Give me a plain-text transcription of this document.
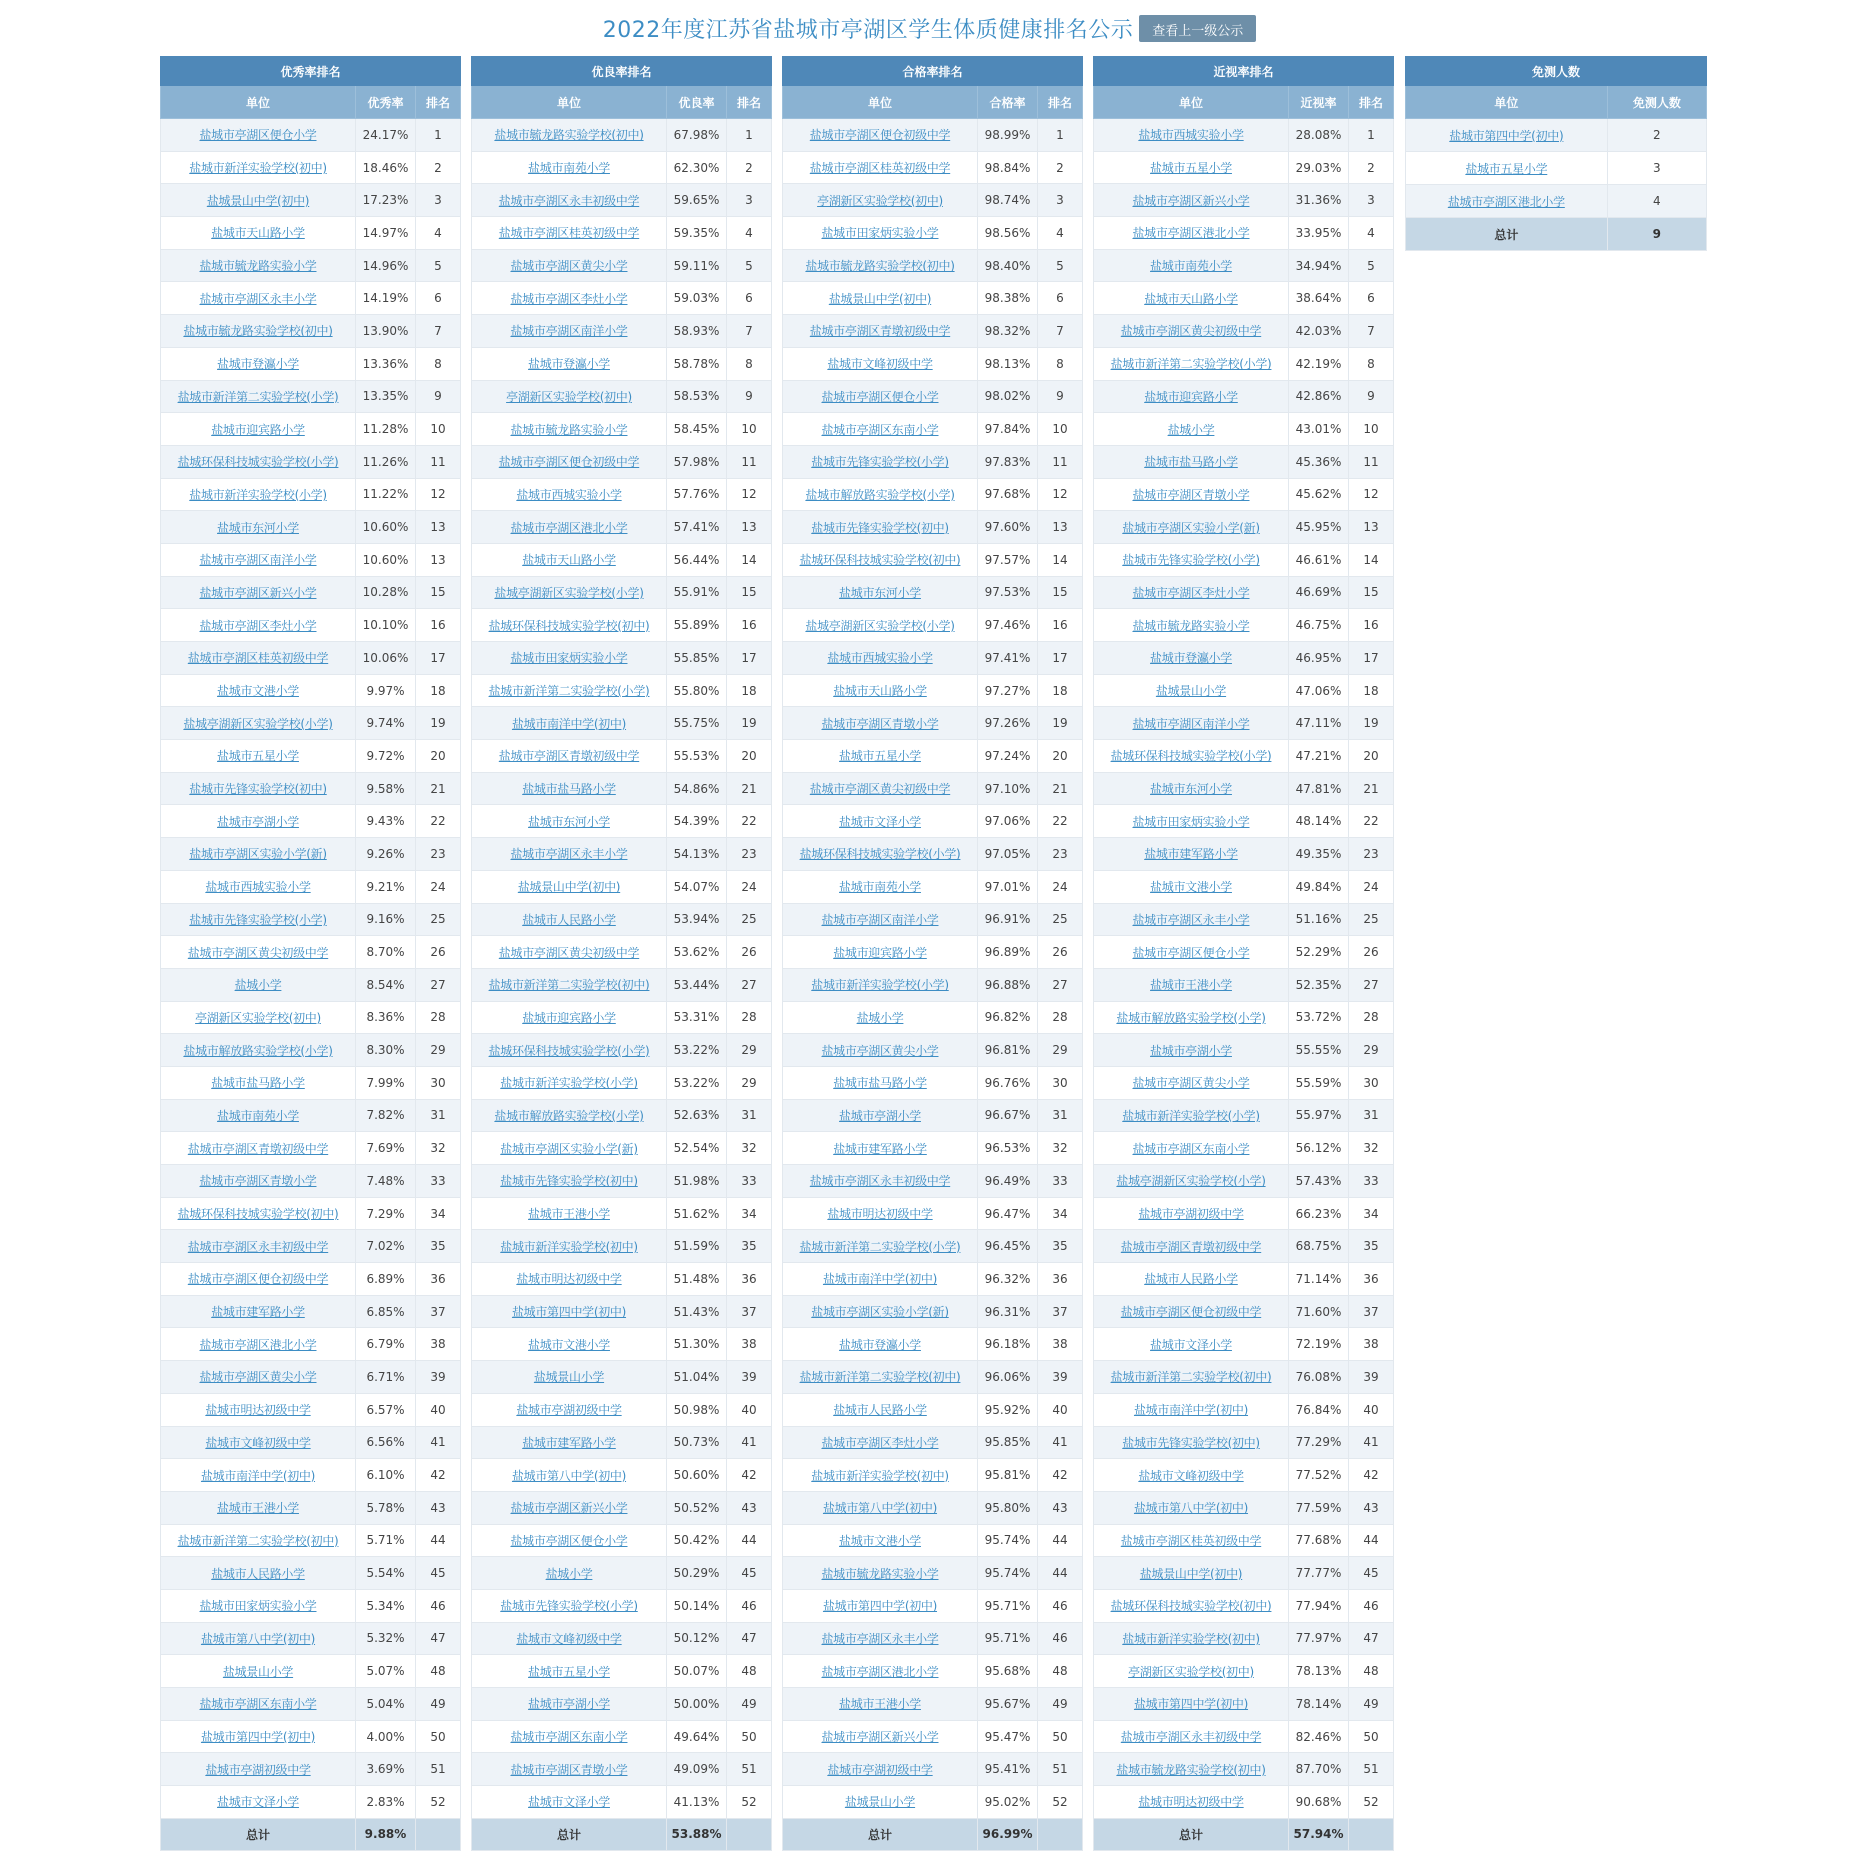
2022年度江苏省盐城市亭湖区学生体质健康排名公示	查看上一级公示
优秀率排名		
单位	优秀率	排名
盐城市亭湖区便仓小学	24.17%	1
盐城市新洋实验学校(初中)	18.46%	2
盐城景山中学(初中)	17.23%	3
盐城市天山路小学	14.97%	4
盐城市毓龙路实验小学	14.96%	5
盐城市亭湖区永丰小学	14.19%	6
盐城市毓龙路实验学校(初中)	13.90%	7
盐城市登瀛小学	13.36%	8
盐城市新洋第二实验学校(小学)	13.35%	9
盐城市迎宾路小学	11.28%	10
盐城环保科技城实验学校(小学)	11.26%	11
盐城市新洋实验学校(小学)	11.22%	12
盐城市东河小学	10.60%	13
盐城市亭湖区南洋小学	10.60%	13
盐城市亭湖区新兴小学	10.28%	15
盐城市亭湖区李灶小学	10.10%	16
盐城市亭湖区桂英初级中学	10.06%	17
盐城市文港小学	9.97%	18
盐城亭湖新区实验学校(小学)	9.74%	19
盐城市五星小学	9.72%	20
盐城市先锋实验学校(初中)	9.58%	21
盐城市亭湖小学	9.43%	22
盐城市亭湖区实验小学(新)	9.26%	23
盐城市西城实验小学	9.21%	24
盐城市先锋实验学校(小学)	9.16%	25
盐城市亭湖区黄尖初级中学	8.70%	26
盐城小学	8.54%	27
亭湖新区实验学校(初中)	8.36%	28
盐城市解放路实验学校(小学)	8.30%	29
盐城市盐马路小学	7.99%	30
盐城市南苑小学	7.82%	31
盐城市亭湖区青墩初级中学	7.69%	32
盐城市亭湖区青墩小学	7.48%	33
盐城环保科技城实验学校(初中)	7.29%	34
盐城市亭湖区永丰初级中学	7.02%	35
盐城市亭湖区便仓初级中学	6.89%	36
盐城市建军路小学	6.85%	37
盐城市亭湖区港北小学	6.79%	38
盐城市亭湖区黄尖小学	6.71%	39
盐城市明达初级中学	6.57%	40
盐城市文峰初级中学	6.56%	41
盐城市南洋中学(初中)	6.10%	42
盐城市王港小学	5.78%	43
盐城市新洋第二实验学校(初中)	5.71%	44
盐城市人民路小学	5.54%	45
盐城市田家炳实验小学	5.34%	46
盐城市第八中学(初中)	5.32%	47
盐城景山小学	5.07%	48
盐城市亭湖区东南小学	5.04%	49
盐城市第四中学(初中)	4.00%	50
盐城市亭湖初级中学	3.69%	51
盐城市文泽小学	2.83%	52
总计	9.88%	
优良率排名		
单位	优良率	排名
盐城市毓龙路实验学校(初中)	67.98%	1
盐城市南苑小学	62.30%	2
盐城市亭湖区永丰初级中学	59.65%	3
盐城市亭湖区桂英初级中学	59.35%	4
盐城市亭湖区黄尖小学	59.11%	5
盐城市亭湖区李灶小学	59.03%	6
盐城市亭湖区南洋小学	58.93%	7
盐城市登瀛小学	58.78%	8
亭湖新区实验学校(初中)	58.53%	9
盐城市毓龙路实验小学	58.45%	10
盐城市亭湖区便仓初级中学	57.98%	11
盐城市西城实验小学	57.76%	12
盐城市亭湖区港北小学	57.41%	13
盐城市天山路小学	56.44%	14
盐城亭湖新区实验学校(小学)	55.91%	15
盐城环保科技城实验学校(初中)	55.89%	16
盐城市田家炳实验小学	55.85%	17
盐城市新洋第二实验学校(小学)	55.80%	18
盐城市南洋中学(初中)	55.75%	19
盐城市亭湖区青墩初级中学	55.53%	20
盐城市盐马路小学	54.86%	21
盐城市东河小学	54.39%	22
盐城市亭湖区永丰小学	54.13%	23
盐城景山中学(初中)	54.07%	24
盐城市人民路小学	53.94%	25
盐城市亭湖区黄尖初级中学	53.62%	26
盐城市新洋第二实验学校(初中)	53.44%	27
盐城市迎宾路小学	53.31%	28
盐城环保科技城实验学校(小学)	53.22%	29
盐城市新洋实验学校(小学)	53.22%	29
盐城市解放路实验学校(小学)	52.63%	31
盐城市亭湖区实验小学(新)	52.54%	32
盐城市先锋实验学校(初中)	51.98%	33
盐城市王港小学	51.62%	34
盐城市新洋实验学校(初中)	51.59%	35
盐城市明达初级中学	51.48%	36
盐城市第四中学(初中)	51.43%	37
盐城市文港小学	51.30%	38
盐城景山小学	51.04%	39
盐城市亭湖初级中学	50.98%	40
盐城市建军路小学	50.73%	41
盐城市第八中学(初中)	50.60%	42
盐城市亭湖区新兴小学	50.52%	43
盐城市亭湖区便仓小学	50.42%	44
盐城小学	50.29%	45
盐城市先锋实验学校(小学)	50.14%	46
盐城市文峰初级中学	50.12%	47
盐城市五星小学	50.07%	48
盐城市亭湖小学	50.00%	49
盐城市亭湖区东南小学	49.64%	50
盐城市亭湖区青墩小学	49.09%	51
盐城市文泽小学	41.13%	52
总计	53.88%	
合格率排名		
单位	合格率	排名
盐城市亭湖区便仓初级中学	98.99%	1
盐城市亭湖区桂英初级中学	98.84%	2
亭湖新区实验学校(初中)	98.74%	3
盐城市田家炳实验小学	98.56%	4
盐城市毓龙路实验学校(初中)	98.40%	5
盐城景山中学(初中)	98.38%	6
盐城市亭湖区青墩初级中学	98.32%	7
盐城市文峰初级中学	98.13%	8
盐城市亭湖区便仓小学	98.02%	9
盐城市亭湖区东南小学	97.84%	10
盐城市先锋实验学校(小学)	97.83%	11
盐城市解放路实验学校(小学)	97.68%	12
盐城市先锋实验学校(初中)	97.60%	13
盐城环保科技城实验学校(初中)	97.57%	14
盐城市东河小学	97.53%	15
盐城亭湖新区实验学校(小学)	97.46%	16
盐城市西城实验小学	97.41%	17
盐城市天山路小学	97.27%	18
盐城市亭湖区青墩小学	97.26%	19
盐城市五星小学	97.24%	20
盐城市亭湖区黄尖初级中学	97.10%	21
盐城市文泽小学	97.06%	22
盐城环保科技城实验学校(小学)	97.05%	23
盐城市南苑小学	97.01%	24
盐城市亭湖区南洋小学	96.91%	25
盐城市迎宾路小学	96.89%	26
盐城市新洋实验学校(小学)	96.88%	27
盐城小学	96.82%	28
盐城市亭湖区黄尖小学	96.81%	29
盐城市盐马路小学	96.76%	30
盐城市亭湖小学	96.67%	31
盐城市建军路小学	96.53%	32
盐城市亭湖区永丰初级中学	96.49%	33
盐城市明达初级中学	96.47%	34
盐城市新洋第二实验学校(小学)	96.45%	35
盐城市南洋中学(初中)	96.32%	36
盐城市亭湖区实验小学(新)	96.31%	37
盐城市登瀛小学	96.18%	38
盐城市新洋第二实验学校(初中)	96.06%	39
盐城市人民路小学	95.92%	40
盐城市亭湖区李灶小学	95.85%	41
盐城市新洋实验学校(初中)	95.81%	42
盐城市第八中学(初中)	95.80%	43
盐城市文港小学	95.74%	44
盐城市毓龙路实验小学	95.74%	44
盐城市第四中学(初中)	95.71%	46
盐城市亭湖区永丰小学	95.71%	46
盐城市亭湖区港北小学	95.68%	48
盐城市王港小学	95.67%	49
盐城市亭湖区新兴小学	95.47%	50
盐城市亭湖初级中学	95.41%	51
盐城景山小学	95.02%	52
总计	96.99%	
近视率排名		
单位	近视率	排名
盐城市西城实验小学	28.08%	1
盐城市五星小学	29.03%	2
盐城市亭湖区新兴小学	31.36%	3
盐城市亭湖区港北小学	33.95%	4
盐城市南苑小学	34.94%	5
盐城市天山路小学	38.64%	6
盐城市亭湖区黄尖初级中学	42.03%	7
盐城市新洋第二实验学校(小学)	42.19%	8
盐城市迎宾路小学	42.86%	9
盐城小学	43.01%	10
盐城市盐马路小学	45.36%	11
盐城市亭湖区青墩小学	45.62%	12
盐城市亭湖区实验小学(新)	45.95%	13
盐城市先锋实验学校(小学)	46.61%	14
盐城市亭湖区李灶小学	46.69%	15
盐城市毓龙路实验小学	46.75%	16
盐城市登瀛小学	46.95%	17
盐城景山小学	47.06%	18
盐城市亭湖区南洋小学	47.11%	19
盐城环保科技城实验学校(小学)	47.21%	20
盐城市东河小学	47.81%	21
盐城市田家炳实验小学	48.14%	22
盐城市建军路小学	49.35%	23
盐城市文港小学	49.84%	24
盐城市亭湖区永丰小学	51.16%	25
盐城市亭湖区便仓小学	52.29%	26
盐城市王港小学	52.35%	27
盐城市解放路实验学校(小学)	53.72%	28
盐城市亭湖小学	55.55%	29
盐城市亭湖区黄尖小学	55.59%	30
盐城市新洋实验学校(小学)	55.97%	31
盐城市亭湖区东南小学	56.12%	32
盐城亭湖新区实验学校(小学)	57.43%	33
盐城市亭湖初级中学	66.23%	34
盐城市亭湖区青墩初级中学	68.75%	35
盐城市人民路小学	71.14%	36
盐城市亭湖区便仓初级中学	71.60%	37
盐城市文泽小学	72.19%	38
盐城市新洋第二实验学校(初中)	76.08%	39
盐城市南洋中学(初中)	76.84%	40
盐城市先锋实验学校(初中)	77.29%	41
盐城市文峰初级中学	77.52%	42
盐城市第八中学(初中)	77.59%	43
盐城市亭湖区桂英初级中学	77.68%	44
盐城景山中学(初中)	77.77%	45
盐城环保科技城实验学校(初中)	77.94%	46
盐城市新洋实验学校(初中)	77.97%	47
亭湖新区实验学校(初中)	78.13%	48
盐城市第四中学(初中)	78.14%	49
盐城市亭湖区永丰初级中学	82.46%	50
盐城市毓龙路实验学校(初中)	87.70%	51
盐城市明达初级中学	90.68%	52
总计	57.94%	
免测人数	
单位	免测人数
盐城市第四中学(初中)	2
盐城市五星小学	3
盐城市亭湖区港北小学	4
总计	9
